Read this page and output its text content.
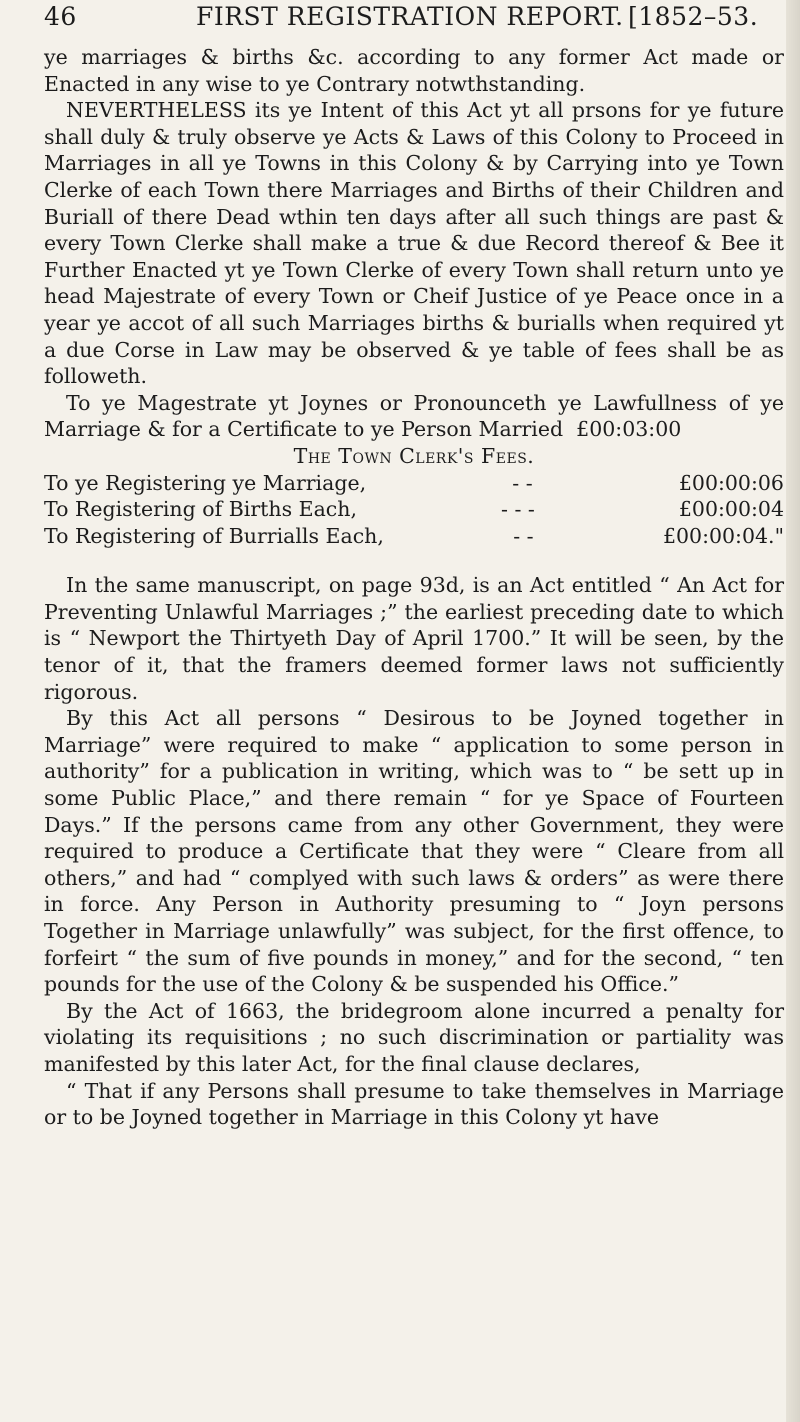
46	FIRST REGISTRATION REPORT. [1852–53.

ye marriages & births &c. according to any former Act made or Enacted in any wise to ye Contrary notwthstanding.

NEVERTHELESS its ye Intent of this Act yt all prsons for ye future shall duly & truly observe ye Acts & Laws of this Colony to Proceed in Marriages in all ye Towns in this Colony & by Carrying into ye Town Clerke of each Town there Marriages and Births of their Children and Buriall of there Dead wthin ten days after all such things are past & every Town Clerke shall make a true & due Record thereof & Bee it Further Enacted yt ye Town Clerke of every Town shall return unto ye head Majestrate of every Town or Cheif Justice of ye Peace once in a year ye accot of all such Marriages births & burialls when required yt a due Corse in Law may be observed & ye table of fees shall be as followeth.

To ye Magestrate yt Joynes or Pronounceth ye Lawfullness of ye Marriage & for a Certificate to ye Person Married £00:03:00

The Town Clerk's Fees.

To ye Registering ye Marriage,	- -	£00:00:06
To Registering of Births Each,	- - -	£00:00:04
To Registering of Burrialls Each,	- -	£00:00:04."

In the same manuscript, on page 93d, is an Act entitled “ An Act for Preventing Unlawful Marriages ;” the earliest preceding date to which is “ Newport the Thirtyeth Day of April 1700.” It will be seen, by the tenor of it, that the framers deemed former laws not sufficiently rigorous.

By this Act all persons “ Desirous to be Joyned together in Marriage” were required to make “ application to some person in authority” for a publication in writing, which was to “ be sett up in some Public Place,” and there remain “ for ye Space of Fourteen Days.” If the persons came from any other Government, they were required to produce a Certificate that they were “ Cleare from all others,” and had “ complyed with such laws & orders” as were there in force. Any Person in Authority presuming to “ Joyn persons Together in Marriage unlawfully” was subject, for the first offence, to forfeirt “ the sum of five pounds in money,” and for the second, “ ten pounds for the use of the Colony & be suspended his Office.”

By the Act of 1663, the bridegroom alone incurred a penalty for violating its requisitions ; no such discrimination or partiality was manifested by this later Act, for the final clause declares,

“ That if any Persons shall presume to take themselves in Marriage or to be Joyned together in Marriage in this Colony yt have
